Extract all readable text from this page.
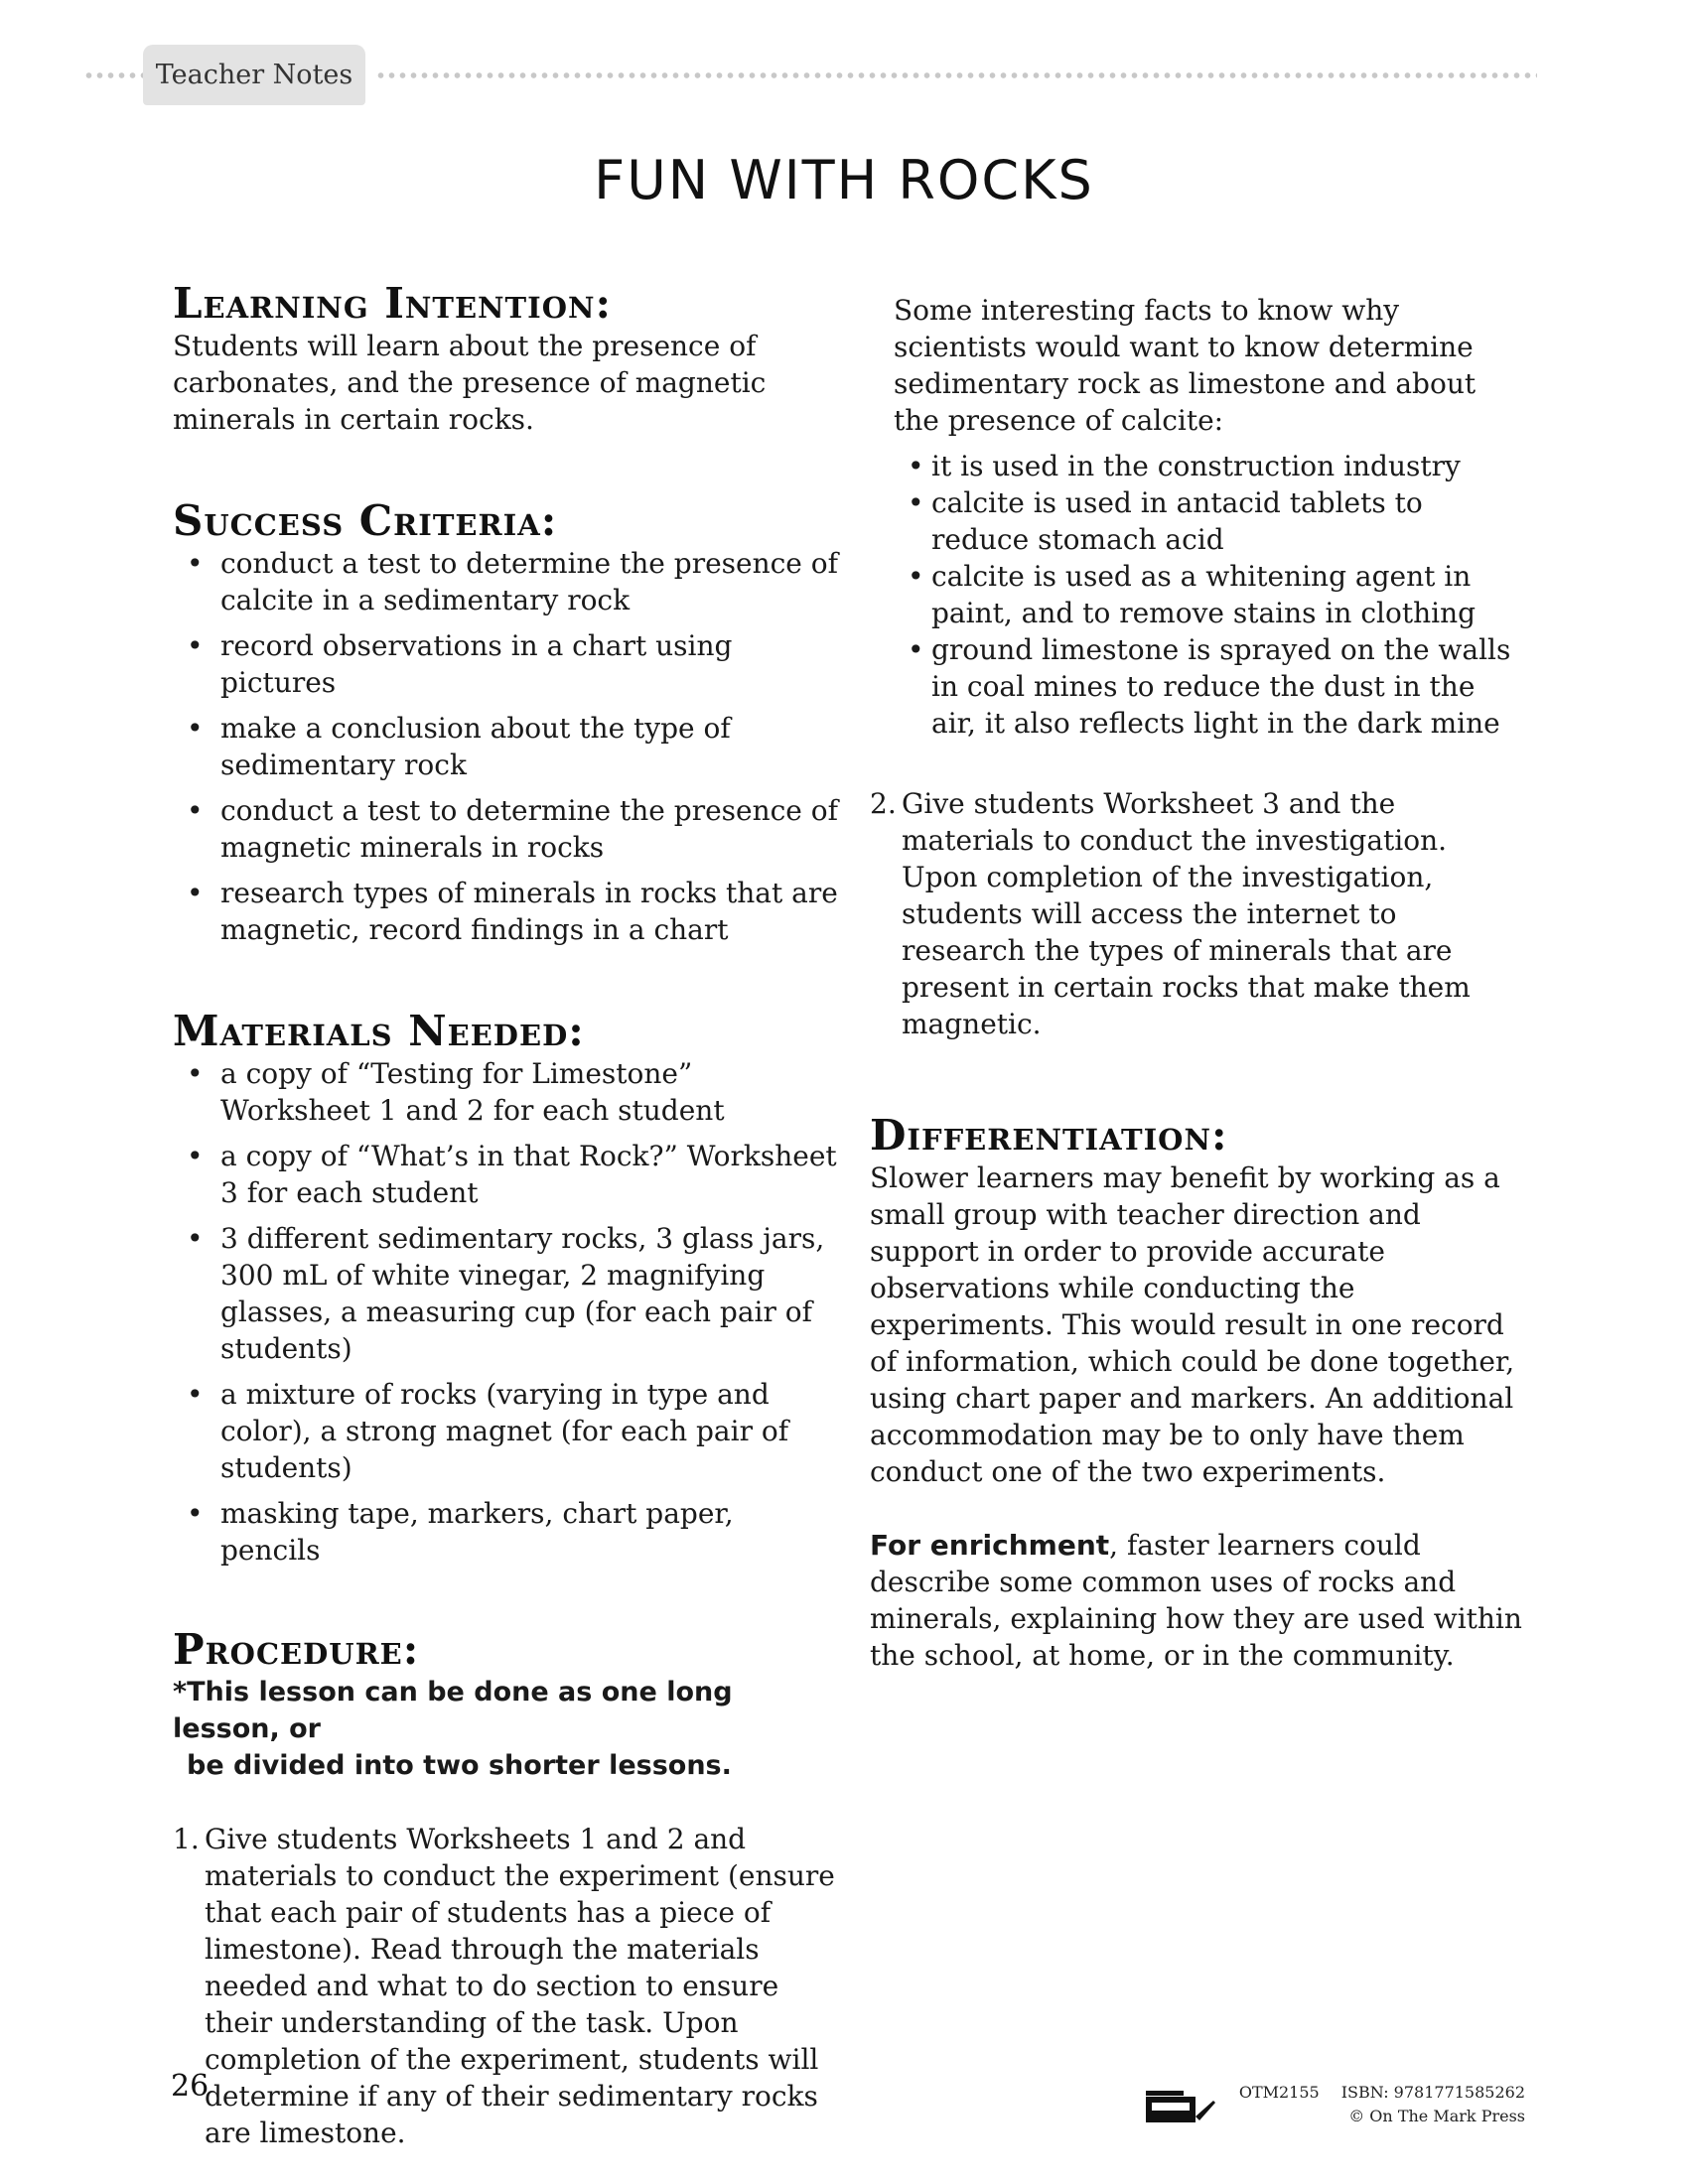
Teacher Notes
FUN WITH ROCKS
Learning Intention:

Students will learn about the presence of carbonates, and the presence of magnetic minerals in certain rocks.

Success Criteria:
• conduct a test to determine the presence of calcite in a sedimentary rock
• record observations in a chart using pictures
• make a conclusion about the type of sedimentary rock
• conduct a test to determine the presence of magnetic minerals in rocks
• research types of minerals in rocks that are magnetic, record findings in a chart
Materials Needed:
• a copy of “Testing for Limestone” Worksheet 1 and 2 for each student
• a copy of “What’s in that Rock?” Worksheet 3 for each student
• 3 different sedimentary rocks, 3 glass jars, 300 mL of white vinegar, 2 magnifying glasses, a measuring cup (for each pair of students)
• a mixture of rocks (varying in type and color), a strong magnet (for each pair of students)
• masking tape, markers, chart paper, pencils
Procedure:

*This lesson can be done as one long lesson, or
be divided into two shorter lessons.

1. Give students Worksheets 1 and 2 and materials to conduct the experiment (ensure that each pair of students has a piece of limestone). Read through the materials needed and what to do section to ensure their understanding of the task. Upon completion of the experiment, students will determine if any of their sedimentary rocks are limestone.

Some interesting facts to know why scientists would want to know determine sedimentary rock as limestone and about the presence of calcite:

• it is used in the construction industry
• calcite is used in antacid tablets to reduce stomach acid
• calcite is used as a whitening agent in paint, and to remove stains in clothing
• ground limestone is sprayed on the walls in coal mines to reduce the dust in the air, it also reflects light in the dark mine
2. Give students Worksheet 3 and the materials to conduct the investigation. Upon completion of the investigation, students will access the internet to research the types of minerals that are present in certain rocks that make them magnetic.
Differentiation:

Slower learners may benefit by working as a small group with teacher direction and support in order to provide accurate observations while conducting the experiments. This would result in one record of information, which could be done together, using chart paper and markers. An additional accommodation may be to only have them conduct one of the two experiments.

For enrichment, faster learners could describe some common uses of rocks and minerals, explaining how they are used within the school, at home, or in the community.

26	OTM2155 ISBN: 9781771585262
© On The Mark Press
